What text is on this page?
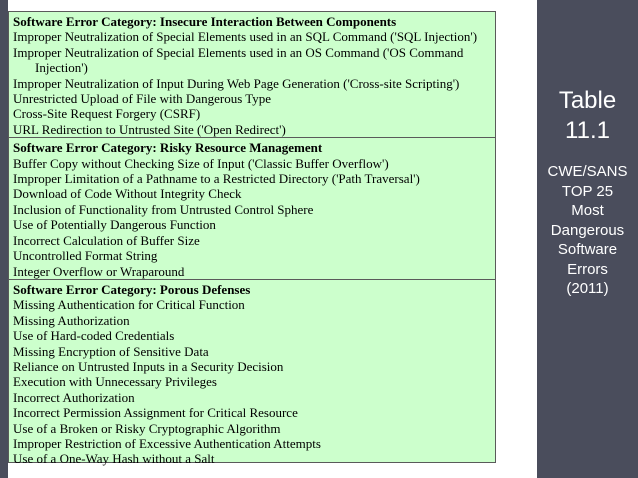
Software Error Category: Insecure Interaction Between Components
Improper Neutralization of Special Elements used in an SQL Command ('SQL Injection')
Improper Neutralization of Special Elements used in an OS Command ('OS Command
Injection')
Improper Neutralization of Input During Web Page Generation ('Cross-site Scripting')
Unrestricted Upload of File with Dangerous Type
Cross-Site Request Forgery (CSRF)
URL Redirection to Untrusted Site ('Open Redirect')
Software Error Category: Risky Resource Management
Buffer Copy without Checking Size of Input ('Classic Buffer Overflow')
Improper Limitation of a Pathname to a Restricted Directory ('Path Traversal')
Download of Code Without Integrity Check
Inclusion of Functionality from Untrusted Control Sphere
Use of Potentially Dangerous Function
Incorrect Calculation of Buffer Size
Uncontrolled Format String
Integer Overflow or Wraparound
Software Error Category: Porous Defenses
Missing Authentication for Critical Function
Missing Authorization
Use of Hard-coded Credentials
Missing Encryption of Sensitive Data
Reliance on Untrusted Inputs in a Security Decision
Execution with Unnecessary Privileges
Incorrect Authorization
Incorrect Permission Assignment for Critical Resource
Use of a Broken or Risky Cryptographic Algorithm
Improper Restriction of Excessive Authentication Attempts
Use of a One-Way Hash without a Salt
Table
11.1
CWE/SANS
TOP 25
Most
Dangerous
Software
Errors
(2011)
